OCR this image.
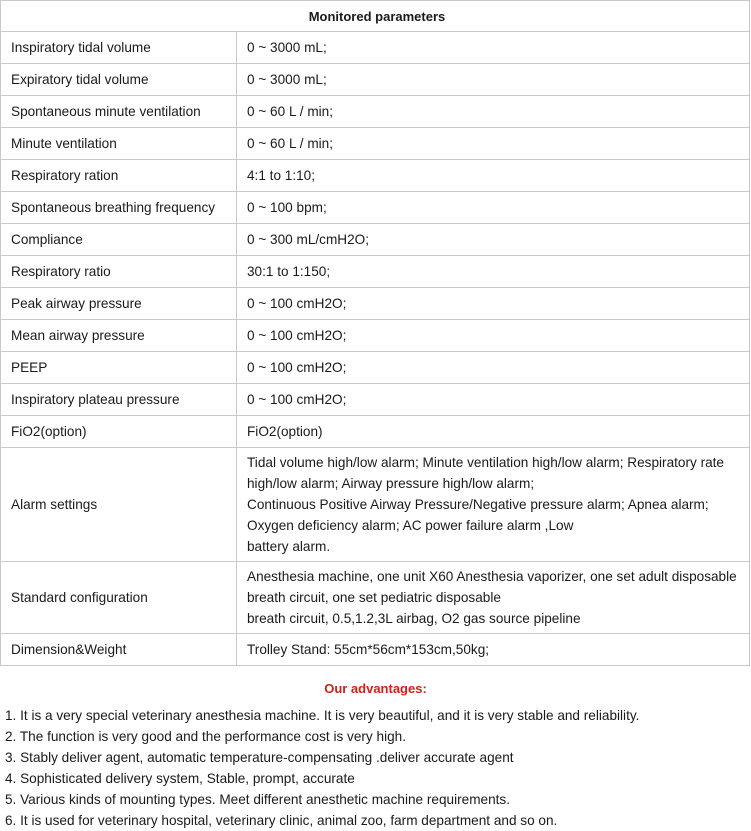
Monitored parameters	
Inspiratory tidal volume	0 ~ 3000 mL;
Expiratory tidal volume	0 ~ 3000 mL;
Spontaneous minute ventilation	0 ~ 60 L / min;
Minute ventilation	0 ~ 60 L / min;
Respiratory ration	4:1 to 1:10;
Spontaneous breathing frequency	0 ~ 100 bpm;
Compliance	0 ~ 300 mL/cmH2O;
Respiratory ratio	30:1 to 1:150;
Peak airway pressure	0 ~ 100 cmH2O;
Mean airway pressure	0 ~ 100 cmH2O;
PEEP	0 ~ 100 cmH2O;
Inspiratory plateau pressure	0 ~ 100 cmH2O;
FiO2(option)	FiO2(option)
Alarm settings	Tidal volume high/low alarm; Minute ventilation high/low alarm; Respiratory rate
high/low alarm; Airway pressure high/low alarm;
Continuous Positive Airway Pressure/Negative pressure alarm; Apnea alarm;
Oxygen deficiency alarm; AC power failure alarm ,Low
battery alarm.

Standard configuration	Anesthesia machine, one unit X60 Anesthesia vaporizer, one set adult disposable
breath circuit, one set pediatric disposable
breath circuit, 0.5,1.2,3L airbag, O2 gas source pipeline

Dimension&Weight	Trolley Stand: 55cm*56cm*153cm,50kg;
Our advantages:
1. It is a very special veterinary anesthesia machine. It is very beautiful, and it is very stable and reliability.
2. The function is very good and the performance cost is very high.
3. Stably deliver agent, automatic temperature-compensating .deliver accurate agent
4. Sophisticated delivery system, Stable, prompt, accurate
5. Various kinds of mounting types. Meet different anesthetic machine requirements.
6. It is used for veterinary hospital, veterinary clinic, animal zoo, farm department and so on.
